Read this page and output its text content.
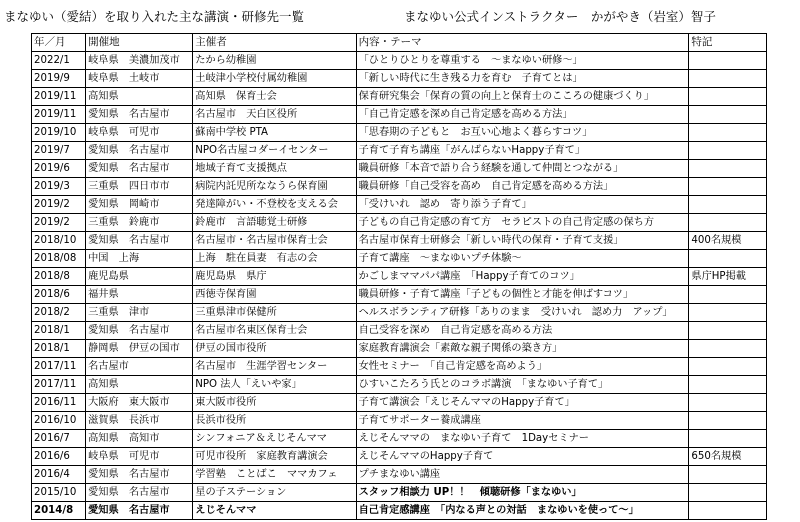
まなゆい（愛結）を取り入れた主な講演・研修先一覧　　　　　　　　まなゆい公式インストラクター　かがやき（岩室）智子
年／月	開催地	主催者	内容・テーマ	特記
2022/1	岐阜県　美濃加茂市	たから幼稚園	「ひとりひとりを尊重する　〜まなゆい研修〜」	
2019/9	岐阜県　土岐市	土岐津小学校付属幼稚園	「新しい時代に生き残る力を育む　子育てとは」	
2019/11	高知県	高知県　保育士会	保育研究集会「保育の質の向上と保育士のこころの健康づくり」	
2019/11	愛知県　名古屋市	名古屋市　天白区役所	「自己肯定感を深め自己肯定感を高める方法」	
2019/10	岐阜県　可児市	蘇南中学校 PTA	「思春期の子どもと　お互い心地よく暮らすコツ」	
2019/7	愛知県　名古屋市	NPO名古屋コダーイセンター	子育て子育ち講座「がんばらないHappy子育て」	
2019/6	愛知県　名古屋市	地域子育て支援拠点	職員研修「本音で語り合う経験を通して仲間とつながる」	
2019/3	三重県　四日市市	病院内託児所ななうら保育園	職員研修「自己受容を高め　自己肯定感を高める方法」	
2019/2	愛知県　岡崎市	発達障がい・不登校を支える会	「受けいれ　認め　寄り添う子育て」	
2019/2	三重県　鈴鹿市	鈴鹿市　言語聴覚士研修	子どもの自己肯定感の育て方　セラピストの自己肯定感の保ち方	
2018/10	愛知県　名古屋市	名古屋市・名古屋市保育士会	名古屋市保育士研修会「新しい時代の保育・子育て支援」	400名規模
2018/08	中国　上海	上海　駐在員妻　有志の会	子育て講座　〜まなゆいプチ体験〜	
2018/8	鹿児島県	鹿児島県　県庁	かごしまママパパ講座　「Happy子育てのコツ」	県庁HP掲載
2018/6	福井県	西徳寺保育園	職員研修・子育て講座「子どもの個性と才能を伸ばすコツ」	
2018/2	三重県　津市	三重県津市保健所	ヘルスボランティア研修「ありのまま　受けいれ　認め力　アップ」	
2018/1	愛知県　名古屋市	名古屋市名東区保育士会	自己受容を深め　自己肯定感を高める方法	
2018/1	静岡県　伊豆の国市	伊豆の国市役所	家庭教育講演会「素敵な親子関係の築き方」	
2017/11	名古屋市	名古屋市　生涯学習センター	女性セミナー　「自己肯定感を高めよう」	
2017/11	高知県	NPO 法人「えいや家」	ひすいこたろう氏とのコラボ講演　「まなゆい子育て」	
2016/11	大阪府　東大阪市	東大阪市役所	子育て講演会「えじそんママのHappy子育て」	
2016/10	滋賀県　長浜市	長浜市役所	子育てサポーター養成講座	
2016/7	高知県　高知市	シンフォニア＆えじそんママ	えじそんママの　まなゆい子育て　1Dayセミナー	
2016/6	岐阜県　可児市	可児市役所　家庭教育講演会	えじそんママのHappy子育て	650名規模
2016/4	愛知県　名古屋市	学習塾　ことばこ　ママカフェ	プチまなゆい講座	
2015/10	愛知県　名古屋市	星の子ステーション	スタッフ相談力 UP！！　傾聴研修「まなゆい」	
2014/8	愛知県　名古屋市	えじそんママ	自己肯定感講座　「内なる声との対話　まなゆいを使って〜」	
